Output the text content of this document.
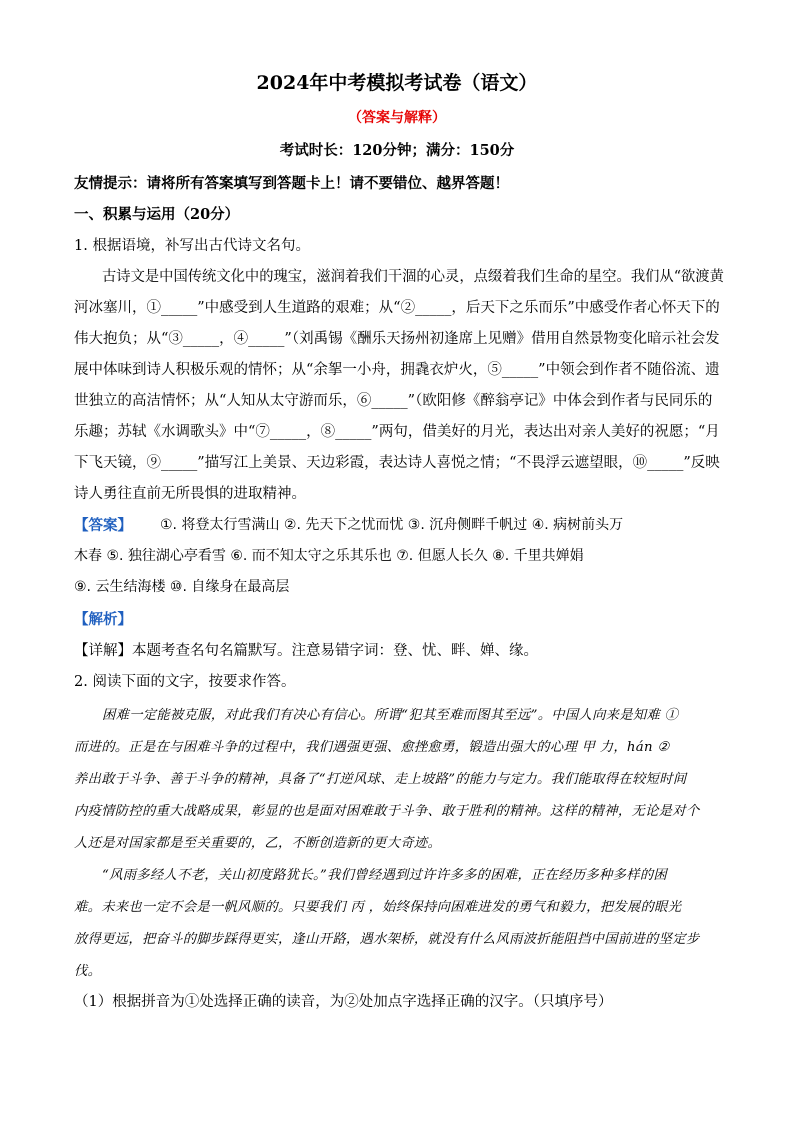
2024年中考模拟考试卷（语文）
（答案与解释）
考试时长：120分钟；满分：150分
友情提示：请将所有答案填写到答题卡上！请不要错位、越界答题！
一、积累与运用（20分）
1. 根据语境，补写出古代诗文名句。
古诗文是中国传统文化中的瑰宝，滋润着我们干涸的心灵，点缀着我们生命的星空。我们从“欲渡黄
河冰塞川，①_____”中感受到人生道路的艰难；从“②_____，后天下之乐而乐”中感受作者心怀天下的
伟大抱负；从“③_____，④_____”（刘禹锡《酬乐天扬州初逢席上见赠》借用自然景物变化暗示社会发
展中体味到诗人积极乐观的情怀；从“余挐一小舟，拥毳衣炉火，⑤_____”中领会到作者不随俗流、遗
世独立的高洁情怀；从“人知从太守游而乐，⑥_____”（欧阳修《醉翁亭记》中体会到作者与民同乐的
乐趣；苏轼《水调歌头》中“⑦_____，⑧_____”两句，借美好的月光，表达出对亲人美好的祝愿；“月
下飞天镜，⑨_____”描写江上美景、天边彩霞，表达诗人喜悦之情；“不畏浮云遮望眼，⑩_____”反映
诗人勇往直前无所畏惧的进取精神。
【答案】 ①. 将登太行雪满山 ②. 先天下之忧而忧 ③. 沉舟侧畔千帆过 ④. 病树前头万
木春 ⑤. 独往湖心亭看雪 ⑥. 而不知太守之乐其乐也 ⑦. 但愿人长久 ⑧. 千里共婵娟
⑨. 云生结海楼 ⑩. 自缘身在最高层
【解析】
【详解】本题考查名句名篇默写。注意易错字词：登、忧、畔、婵、缘。
2. 阅读下面的文字，按要求作答。
困难一定能被克服，对此我们有决心有信心。所谓“犯其至难而图其至远”。中国人向来是知难 ①
而进的。正是在与困难斗争的过程中，我们遇强更强、愈挫愈勇，锻造出强大的心理 甲 力，hán ②
养出敢于斗争、善于斗争的精神，具备了“打逆风球、走上坡路”的能力与定力。我们能取得在较短时间
内疫情防控的重大战略成果，彰显的也是面对困难敢于斗争、敢于胜利的精神。这样的精神，无论是对个
人还是对国家都是至关重要的，乙，不断创造新的更大奇迹。
“风雨多经人不老，关山初度路犹长。”我们曾经遇到过许许多多的困难，正在经历多种多样的困
难。未来也一定不会是一帆风顺的。只要我们 丙 ，始终保持向困难进发的勇气和毅力，把发展的眼光
放得更远，把奋斗的脚步踩得更实，逢山开路，遇水架桥，就没有什么风雨波折能阻挡中国前进的坚定步
伐。
（1）根据拼音为①处选择正确的读音，为②处加点字选择正确的汉字。（只填序号）
